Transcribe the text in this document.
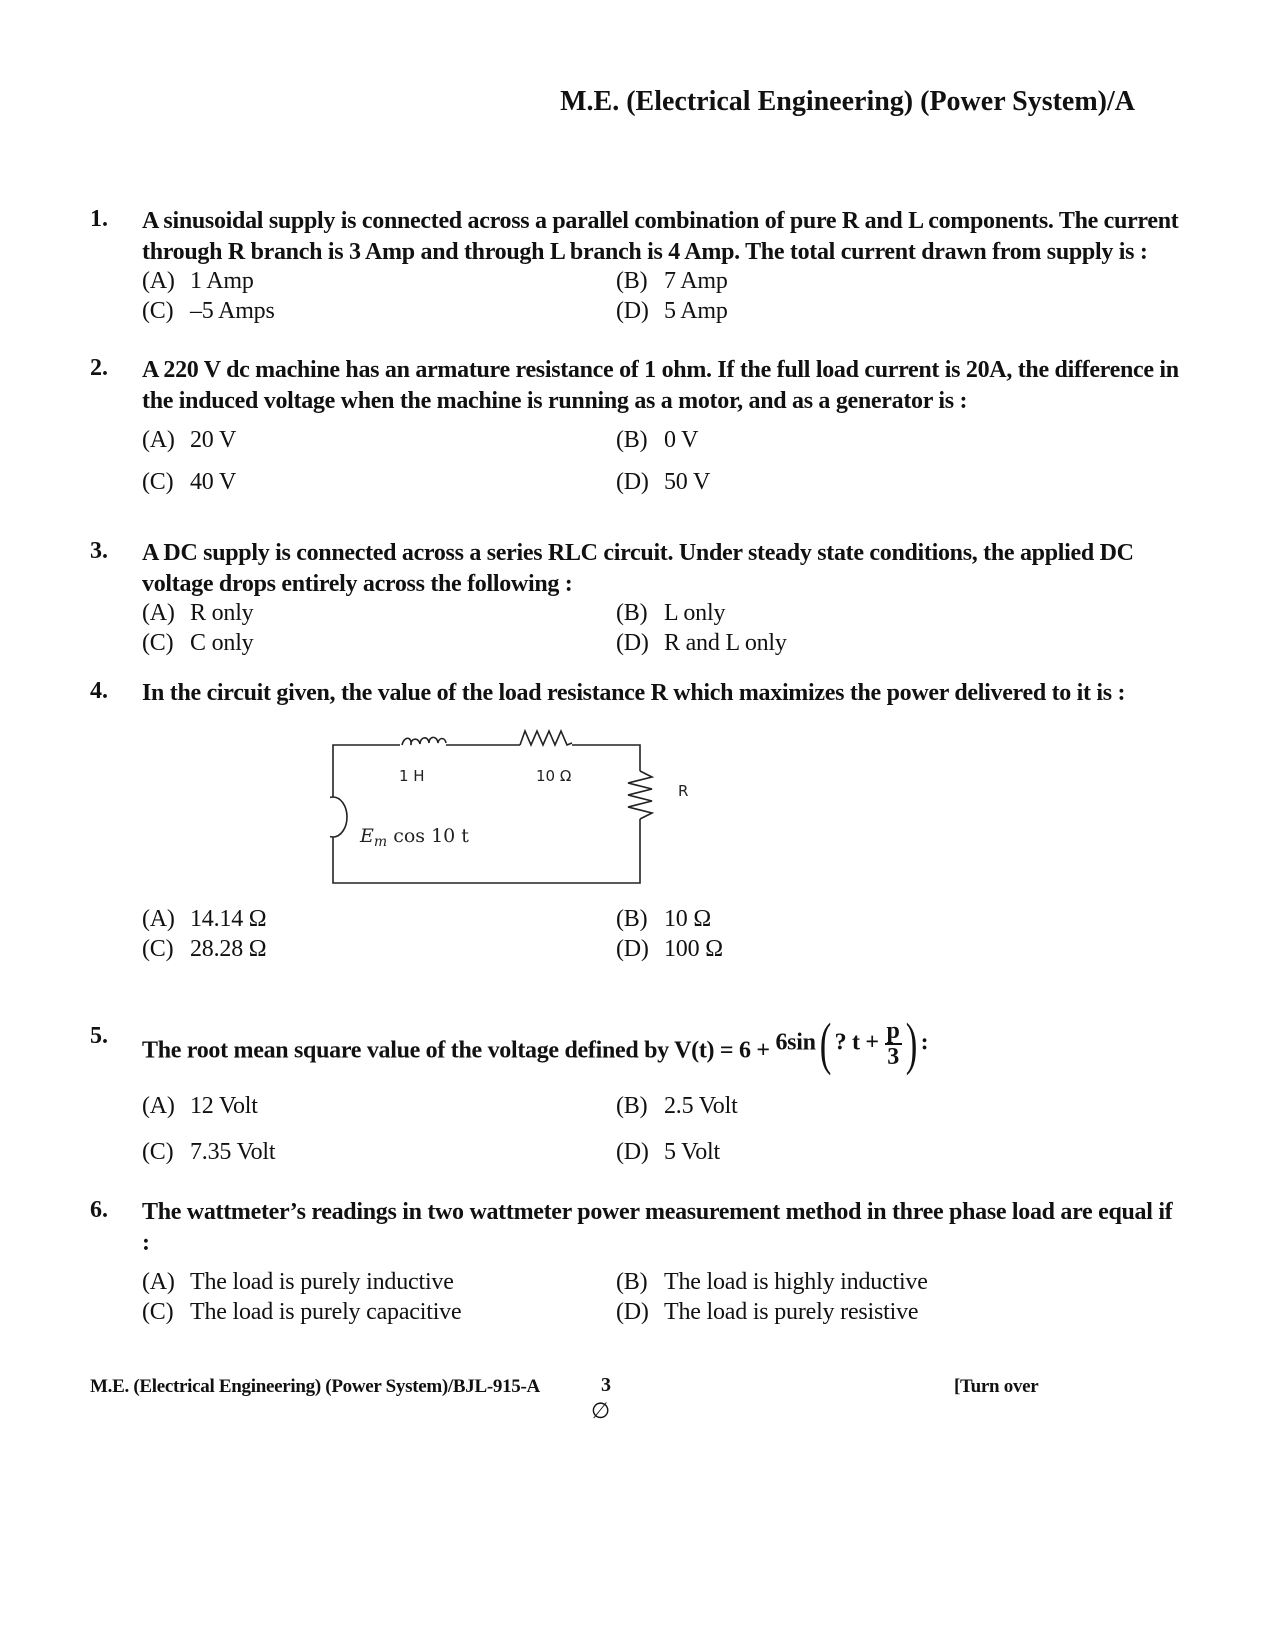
M.E. (Electrical Engineering) (Power System)/A
1. A sinusoidal supply is connected across a parallel combination of pure R and L components. The current through R branch is 3 Amp and through L branch is 4 Amp. The total current drawn from supply is :
(A) 1 Amp	(B) 7 Amp
(C) –5 Amps	(D) 5 Amp
2. A 220 V dc machine has an armature resistance of 1 ohm. If the full load current is 20A, the difference in the induced voltage when the machine is running as a motor, and as a generator is :
(A) 20 V	(B) 0 V
(C) 40 V	(D) 50 V
3. A DC supply is connected across a series RLC circuit. Under steady state conditions, the applied DC voltage drops entirely across the following :
(A) R only	(B) L only
(C) C only	(D) R and L only
4. In the circuit given, the value of the load resistance R which maximizes the power delivered to it is :
1 H	10 Ω
$E_m$ cos 10 t
R
(A) 14.14 Ω	(B) 10 Ω
(C) 28.28 Ω	(D) 100 Ω
5.
The root mean square value of the voltage defined by V(t) = 6 + 6sin( ? $t + \frac{p}{3}$ ) :
(A) 12 Volt	(B) 2.5 Volt
(C) 7.35 Volt	(D) 5 Volt
6. The wattmeter’s readings in two wattmeter power measurement method in three phase load are equal if :
(A) The load is purely inductive	(B) The load is highly inductive
(C) The load is purely capacitive	(D) The load is purely resistive
M.E. (Electrical Engineering) (Power System)/BJL-915-A	3
∅
[Turn over
